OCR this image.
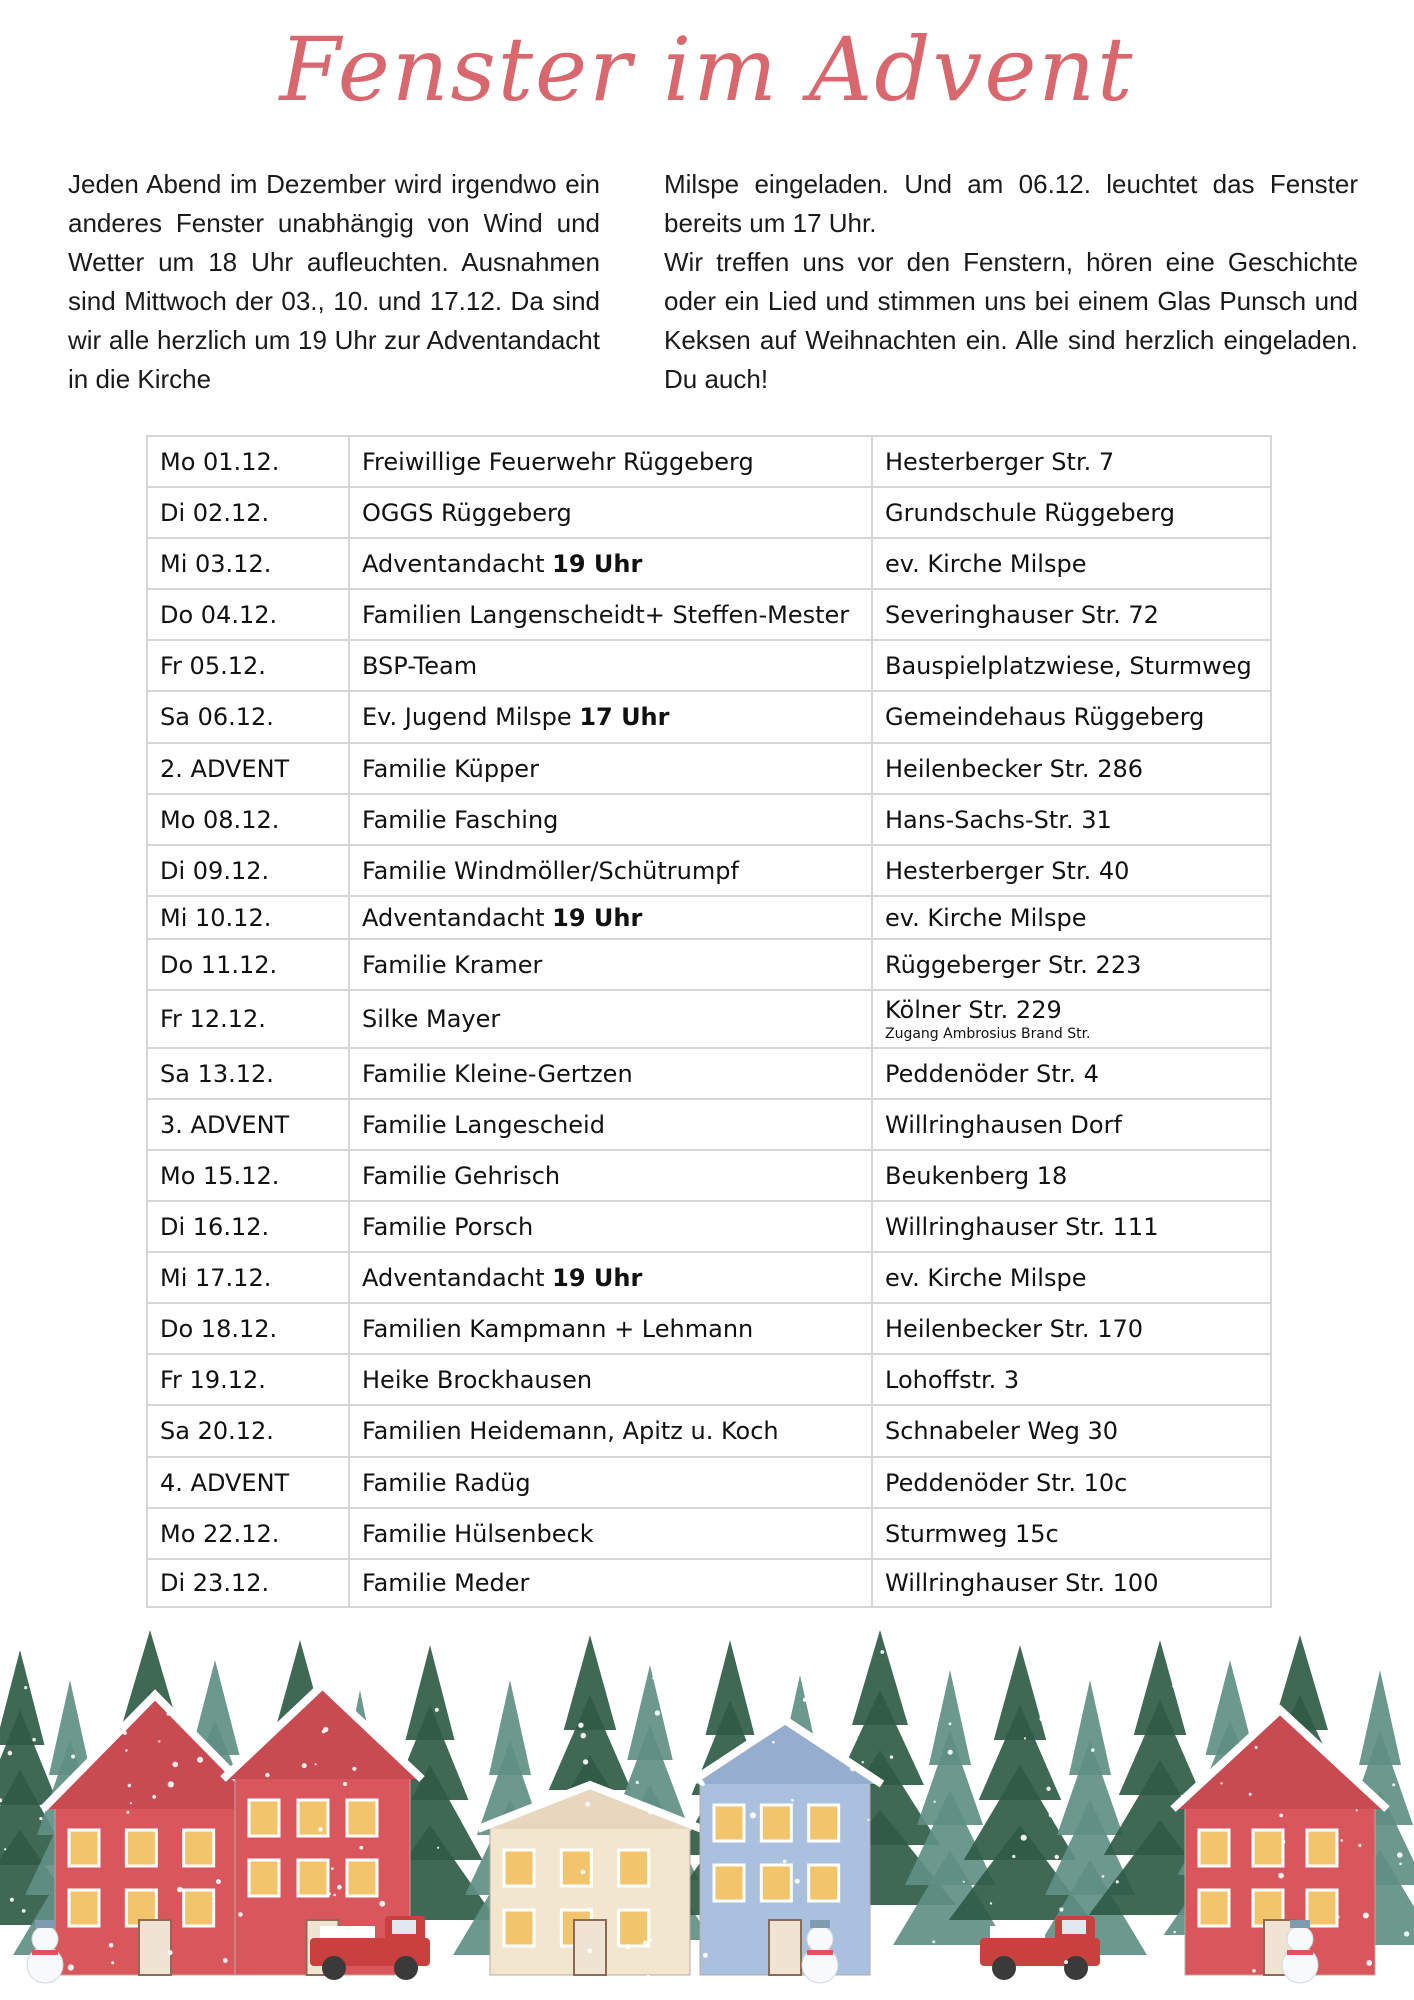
Fenster im Advent

Jeden Abend im Dezember wird irgendwo ein anderes Fenster unabhängig von Wind und Wetter um 18 Uhr aufleuchten. Ausnahmen sind Mittwoch der 03., 10. und 17.12. Da sind wir alle herzlich um 19 Uhr zur Adventandacht in die Kirche

Milspe eingeladen. Und am 06.12. leuchtet das Fenster bereits um 17 Uhr.

Wir treffen uns vor den Fenstern, hören eine Geschichte oder ein Lied und stimmen uns bei einem Glas Punsch und Keksen auf Weihnachten ein. Alle sind herzlich eingeladen. Du auch!

Mo 01.12.	Freiwillige Feuerwehr Rüggeberg	Hesterberger Str. 7
Di 02.12.	OGGS Rüggeberg	Grundschule Rüggeberg
Mi 03.12.	Adventandacht 19 Uhr	ev. Kirche Milspe
Do 04.12.	Familien Langenscheidt+ Steffen-Mester	Severinghauser Str. 72
Fr 05.12.	BSP-Team	Bauspielplatzwiese, Sturmweg
Sa 06.12.	Ev. Jugend Milspe 17 Uhr	Gemeindehaus Rüggeberg
2. ADVENT	Familie Küpper	Heilenbecker Str. 286
Mo 08.12.	Familie Fasching	Hans-Sachs-Str. 31
Di 09.12.	Familie Windmöller/Schütrumpf	Hesterberger Str. 40
Mi 10.12.	Adventandacht 19 Uhr	ev. Kirche Milspe
Do 11.12.	Familie Kramer	Rüggeberger Str. 223
Fr 12.12.	Silke Mayer	Kölner Str. 229
Zugang Ambrosius Brand Str.

Sa 13.12.	Familie Kleine-Gertzen	Peddenöder Str. 4
3. ADVENT	Familie Langescheid	Willringhausen Dorf
Mo 15.12.	Familie Gehrisch	Beukenberg 18
Di 16.12.	Familie Porsch	Willringhauser Str. 111
Mi 17.12.	Adventandacht 19 Uhr	ev. Kirche Milspe
Do 18.12.	Familien Kampmann + Lehmann	Heilenbecker Str. 170
Fr 19.12.	Heike Brockhausen	Lohoffstr. 3
Sa 20.12.	Familien Heidemann, Apitz u. Koch	Schnabeler Weg 30
4. ADVENT	Familie Radüg	Peddenöder Str. 10c
Mo 22.12.	Familie Hülsenbeck	Sturmweg 15c
Di 23.12.	Familie Meder	Willringhauser Str. 100
